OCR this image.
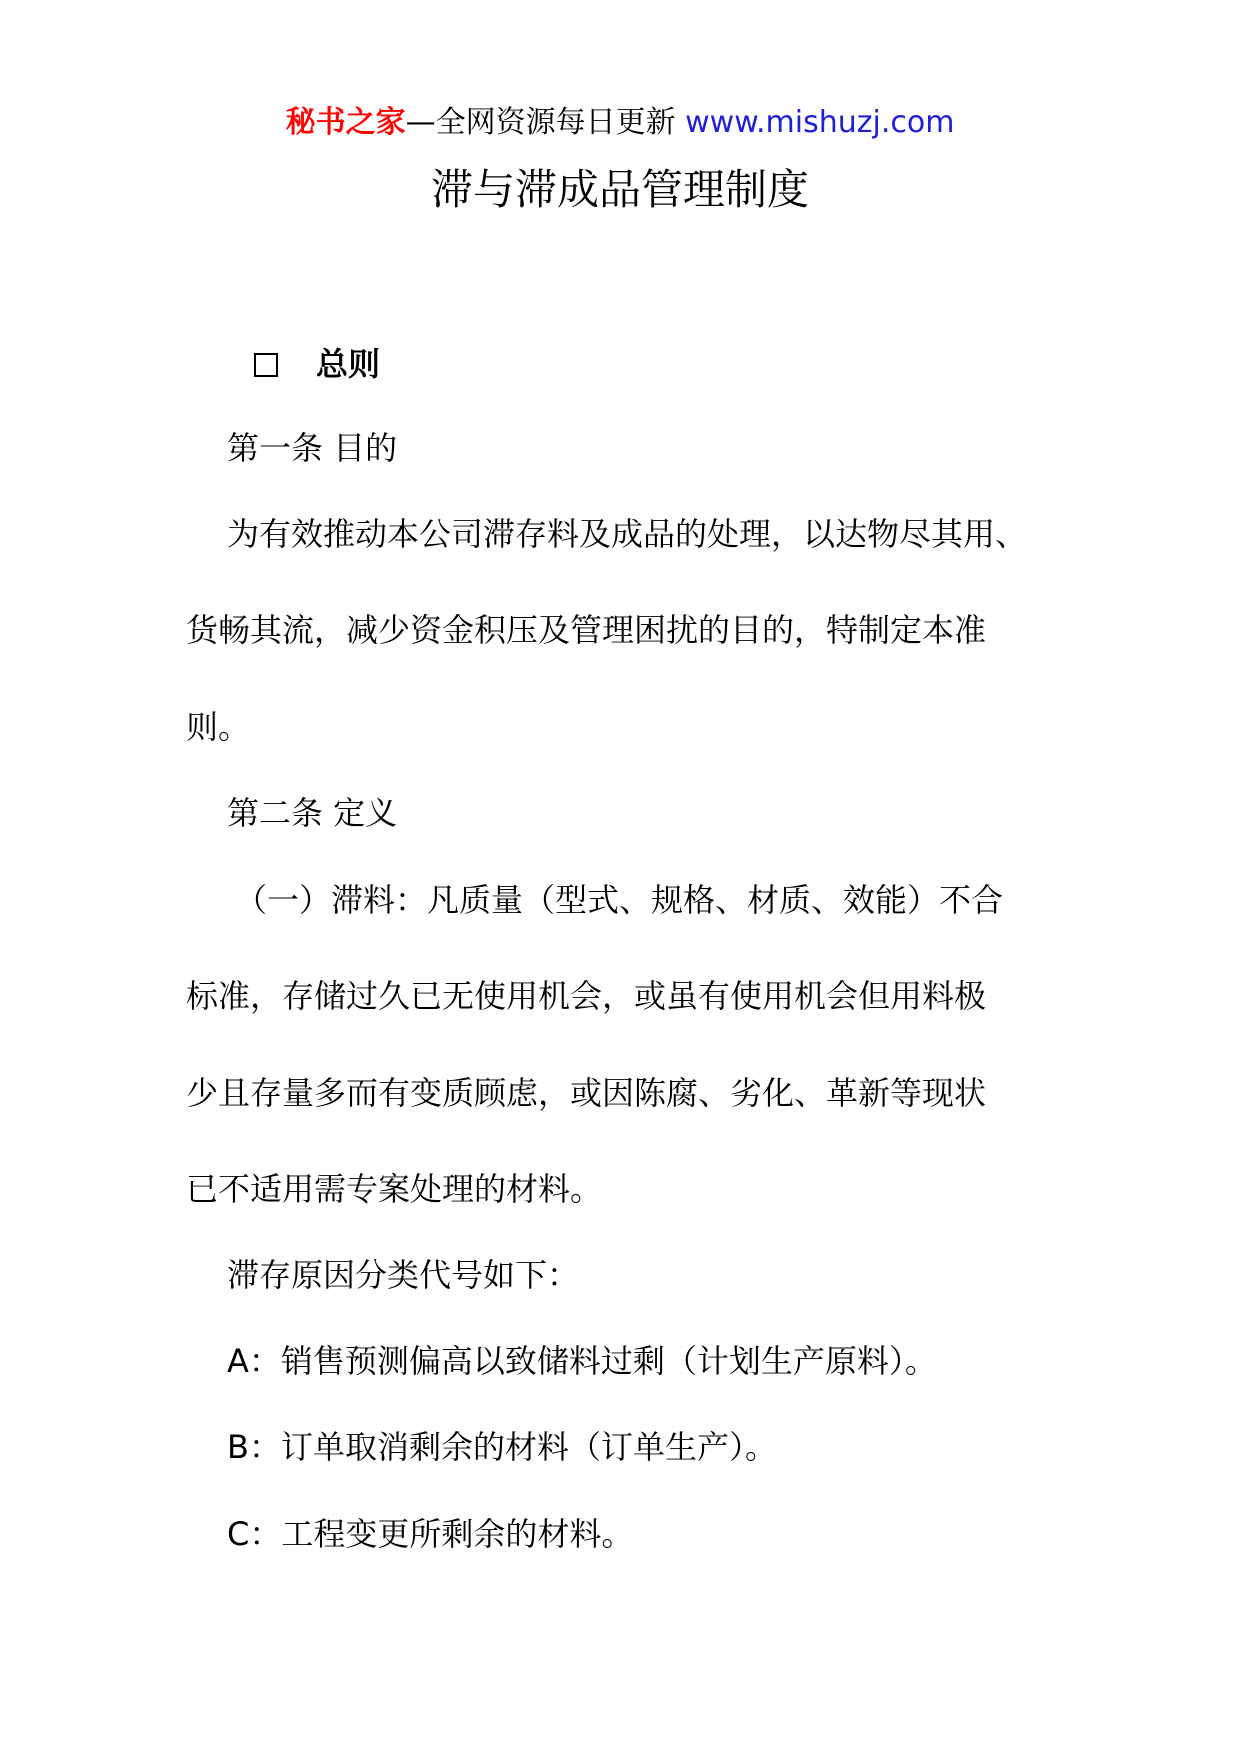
秘书之家—全网资源每日更新 www.mishuzj.com
滞与滞成品管理制度
总则
第一条 目的
为有效推动本公司滞存料及成品的处理，以达物尽其用、
货畅其流，减少资金积压及管理困扰的目的，特制定本准
则。
第二条 定义
（一）滞料：凡质量（型式、规格、材质、效能）不合
标准，存储过久已无使用机会，或虽有使用机会但用料极
少且存量多而有变质顾虑，或因陈腐、劣化、革新等现状
已不适用需专案处理的材料。
滞存原因分类代号如下：
A：销售预测偏高以致储料过剩（计划生产原料）。
B：订单取消剩余的材料（订单生产）。
C：工程变更所剩余的材料。
